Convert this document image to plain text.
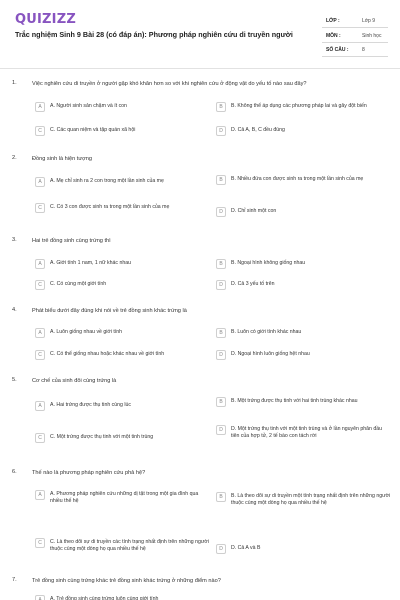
QUIZIZZ
Trắc nghiệm Sinh 9 Bài 28 (có đáp án): Phương pháp nghiên cứu di truyền người
LỚP :	Lớp 9
MÔN :	Sinh học
SỐ CÂU :	8
1.	Việc nghiên cứu di truyền ở người gặp khó khăn hơn so với khi nghiên cứu ở động vật do yếu tố nào sau đây?
A	A. Người sinh sản chậm và ít con	B	B. Không thể áp dụng các phương pháp lai và gây đột biến
C	C. Các quan niệm và tập quán xã hội	D	D. Cả A, B, C đều đúng
2.	Đồng sinh là hiện tượng
A	A. Mẹ chỉ sinh ra 2 con trong một lần sinh của mẹ	B	B. Nhiều đứa con được sinh ra trong một lần sinh của mẹ
C	C. Có 3 con được sinh ra trong một lần sinh của mẹ
D	D. Chỉ sinh một con
3.	Hai trẻ đồng sinh cùng trứng thì
A	A. Giới tính 1 nam, 1 nữ khác nhau	B	B. Ngoại hình không giống nhau
C	C. Có cùng một giới tính	D	D. Cả 3 yếu tố trên
4.	Phát biểu dưới đây đúng khi nói về trẻ đồng sinh khác trứng là
A	A. Luôn giống nhau về giới tính	B	B. Luôn có giới tính khác nhau
C	C. Có thể giống nhau hoặc khác nhau về giới tính	D	D. Ngoại hình luôn giống hệt nhau
5.	Cơ chế của sinh đôi cùng trứng là
A	A. Hai trứng được thụ tinh cùng lúc	B	B. Một trứng được thụ tinh với hai tinh trùng khác nhau
C	C. Một trứng được thụ tinh với một tinh trùng
D	D. Một trứng thụ tinh với một tinh trùng và ở lần nguyên phân đầu tiên của hợp tử, 2 tế bào con tách rời
6.	Thế nào là phương pháp nghiên cứu phả hệ?
A	A. Phương pháp nghiên cứu những dị tật trong một gia đình qua nhiều thế hệ
B	B. Là theo dõi sự di truyền một tính trạng nhất định trên những người thuộc cùng một dòng họ qua nhiều thế hệ
C	C. Là theo dõi sự di truyền các tính trạng nhất định trên những người thuộc cùng một dòng họ qua nhiều thế hệ	D	D. Cả A và B
7.	Trẻ đồng sinh cùng trứng khác trẻ đồng sinh khác trứng ở những điểm nào?
A	A. Trẻ đồng sinh cùng trứng luôn cùng giới tính
